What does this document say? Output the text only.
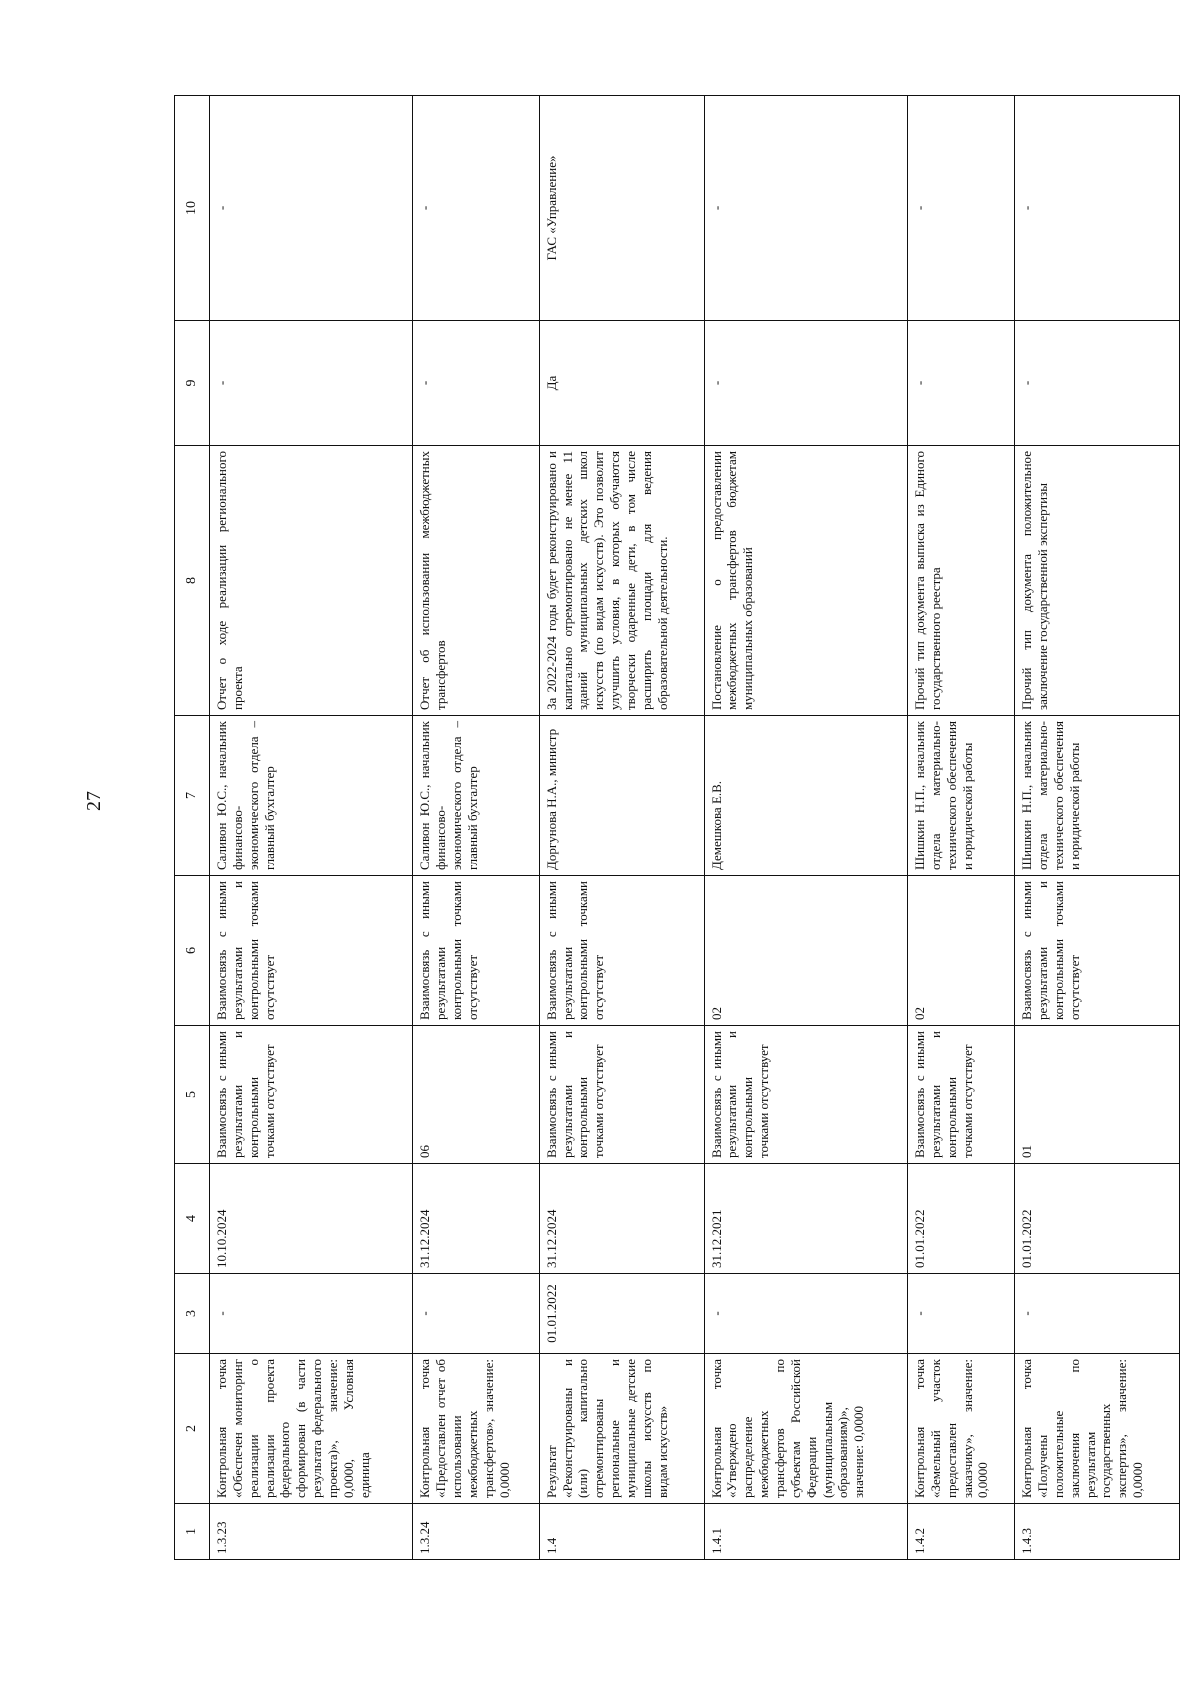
27
1	2	3	4	5	6	7	8	9	10
1.3.23	Контрольная точка «Обеспечен мониторинг реализации о реализации проекта федерального сформирован (в части результата федерального проекта)», значение: 0,0000, Условная единица	-	10.10.2024	Взаимосвязь с иными результатами и контрольными точками отсутствует	Взаимосвязь с иными результатами и контрольными точками отсутствует	Саливон Ю.С., начальник финансово-экономического отдела – главный бухгалтер	Отчет о ходе реализации регионального проекта	-	-
1.3.24	Контрольная точка «Предоставлен отчет об использовании межбюджетных трансфертов», значение: 0,0000	-	31.12.2024	06	Взаимосвязь с иными результатами контрольными точками отсутствует	Саливон Ю.С., начальник финансово-экономического отдела – главный бухгалтер	Отчет об использовании межбюджетных трансфертов	-	-
1.4	Результат «Реконструированы и (или) капитально отремонтированы региональные и муниципальные детские школы искусств по видам искусств»	01.01.2022	31.12.2024	Взаимосвязь с иными результатами и контрольными точками отсутствует	Взаимосвязь с иными результатами контрольными точками отсутствует	Доргунова Н.А., министр	За 2022-2024 годы будет реконструировано и капитально отремонтировано не менее 11 зданий муниципальных детских школ искусств (по видам искусств). Это позволит улучшить условия, в которых обучаются творчески одаренные дети, в том числе расширить площади для ведения образовательной деятельности.	Да	ГАС «Управление»
1.4.1	Контрольная точка «Утверждено распределение межбюджетных трансфертов по субъектам Российской Федерации (муниципальным образованиям)», значение: 0,0000	-	31.12.2021	Взаимосвязь с иными результатами и контрольными точками отсутствует	02	Демешкова Е.В.	Постановление о предоставлении межбюджетных трансфертов бюджетам муниципальных образований	-	-
1.4.2	Контрольная точка «Земельный участок предоставлен заказчику», значение: 0,0000	-	01.01.2022	Взаимосвязь с иными результатами и контрольными точками отсутствует	02	Шишкин Н.П., начальник отдела материально-технического обеспечения и юридической работы	Прочий тип документа выписка из Единого государственного реестра	-	-
1.4.3	Контрольная точка «Получены положительные заключения по результатам государственных экспертиз», значение: 0,0000	-	01.01.2022	01	Взаимосвязь с иными результатами и контрольными точками отсутствует	Шишкин Н.П., начальник отдела материально-технического обеспечения и юридической работы	Прочий тип документа положительное заключение государственной экспертизы	-	-
